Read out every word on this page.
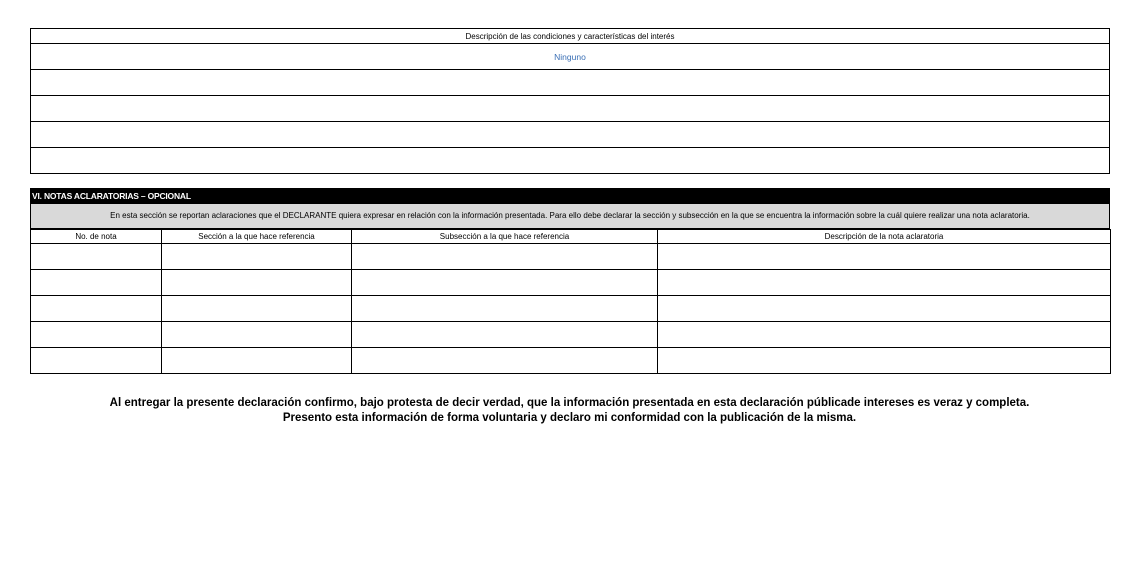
Descripción de las condiciones y características del interés
Ninguno

VI. NOTAS ACLARATORIAS – OPCIONAL
En esta sección se reportan aclaraciones que el DECLARANTE quiera expresar en relación con la información presentada. Para ello debe declarar la sección y subsección en la que se encuentra la información sobre la cuál quiere realizar una nota aclaratoria.
No. de nota	Sección a la que hace referencia	Subsección a la que hace referencia	Descripción de la nota aclaratoria

Al entregar la presente declaración confirmo, bajo protesta de decir verdad, que la información presentada en esta declaración públicade intereses es veraz y completa.
Presento esta información de forma voluntaria y declaro mi conformidad con la publicación de la misma.
